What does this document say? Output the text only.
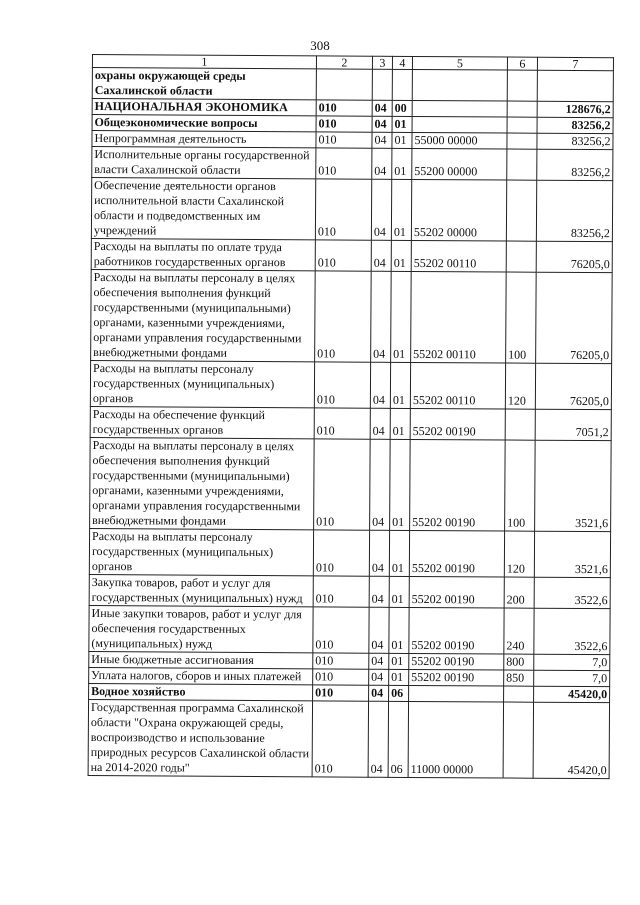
308
1	2	3	4	5	6	7
охраны окружающей среды Сахалинской области						
НАЦИОНАЛЬНАЯ ЭКОНОМИКА	010	04	00			128676,2
Общеэкономические вопросы	010	04	01			83256,2
Непрограммная деятельность	010	04	01	55000 00000		83256,2
Исполнительные органы государственной власти Сахалинской области	010	04	01	55200 00000		83256,2
Обеспечение деятельности органов исполнительной власти Сахалинской области и подведомственных им учреждений	010	04	01	55202 00000		83256,2
Расходы на выплаты по оплате труда работников государственных органов	010	04	01	55202 00110		76205,0
Расходы на выплаты персоналу в целях обеспечения выполнения функций государственными (муниципальными) органами, казенными учреждениями, органами управления государственными внебюджетными фондами	010	04	01	55202 00110	100	76205,0
Расходы на выплаты персоналу государственных (муниципальных) органов	010	04	01	55202 00110	120	76205,0
Расходы на обеспечение функций государственных органов	010	04	01	55202 00190		7051,2
Расходы на выплаты персоналу в целях обеспечения выполнения функций государственными (муниципальными) органами, казенными учреждениями, органами управления государственными внебюджетными фондами	010	04	01	55202 00190	100	3521,6
Расходы на выплаты персоналу государственных (муниципальных) органов	010	04	01	55202 00190	120	3521,6
Закупка товаров, работ и услуг для государственных (муниципальных) нужд	010	04	01	55202 00190	200	3522,6
Иные закупки товаров, работ и услуг для обеспечения государственных (муниципальных) нужд	010	04	01	55202 00190	240	3522,6
Иные бюджетные ассигнования	010	04	01	55202 00190	800	7,0
Уплата налогов, сборов и иных платежей	010	04	01	55202 00190	850	7,0
Водное хозяйство	010	04	06			45420,0
Государственная программа Сахалинской области "Охрана окружающей среды, воспроизводство и использование природных ресурсов Сахалинской области на 2014-2020 годы"	010	04	06	11000 00000		45420,0
